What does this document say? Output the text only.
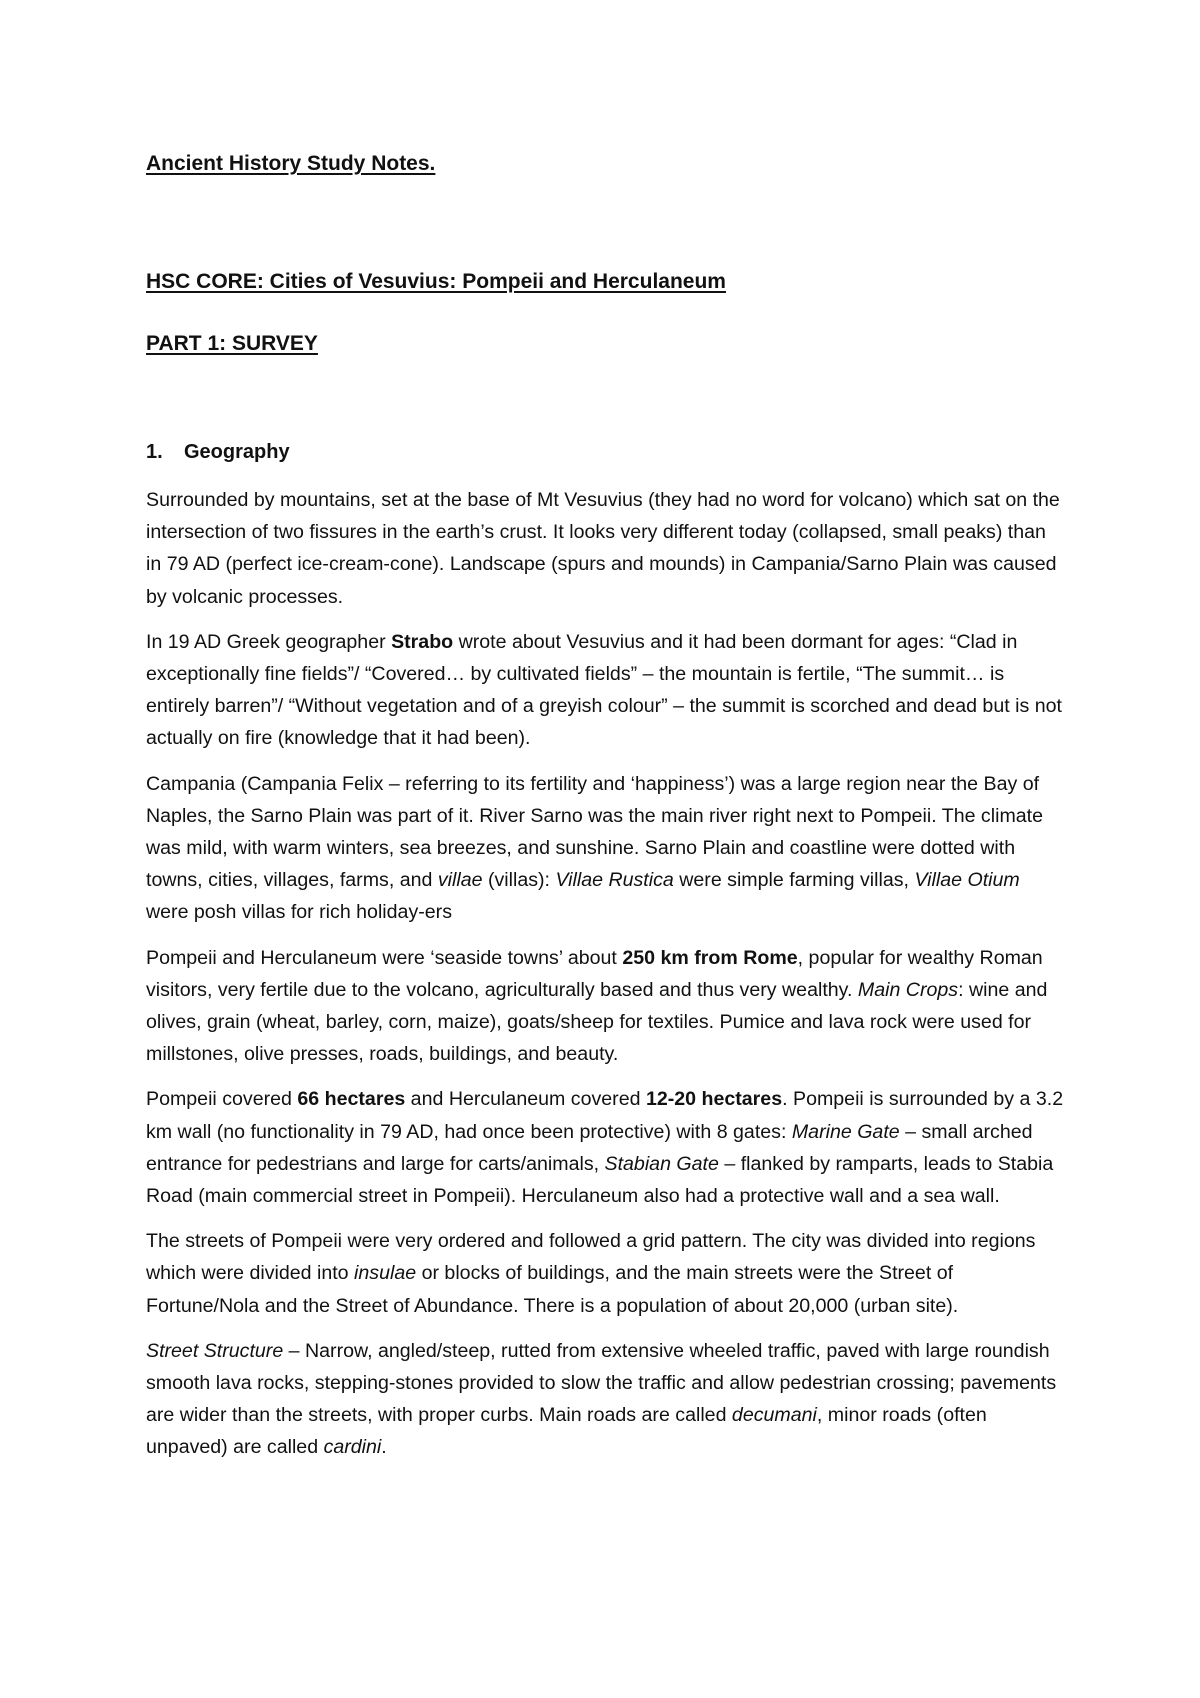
Ancient History Study Notes.
HSC CORE: Cities of Vesuvius: Pompeii and Herculaneum
PART 1: SURVEY
1. Geography

Surrounded by mountains, set at the base of Mt Vesuvius (they had no word for volcano) which sat on the intersection of two fissures in the earth’s crust. It looks very different today (collapsed, small peaks) than in 79 AD (perfect ice-cream-cone). Landscape (spurs and mounds) in Campania/Sarno Plain was caused by volcanic processes.

In 19 AD Greek geographer Strabo wrote about Vesuvius and it had been dormant for ages: “Clad in exceptionally fine fields”/ “Covered… by cultivated fields” – the mountain is fertile, “The summit… is entirely barren”/ “Without vegetation and of a greyish colour” – the summit is scorched and dead but is not actually on fire (knowledge that it had been).

Campania (Campania Felix – referring to its fertility and ‘happiness’) was a large region near the Bay of Naples, the Sarno Plain was part of it. River Sarno was the main river right next to Pompeii. The climate was mild, with warm winters, sea breezes, and sunshine. Sarno Plain and coastline were dotted with towns, cities, villages, farms, and villae (villas): Villae Rustica were simple farming villas, Villae Otium were posh villas for rich holiday-ers

Pompeii and Herculaneum were ‘seaside towns’ about 250 km from Rome, popular for wealthy Roman visitors, very fertile due to the volcano, agriculturally based and thus very wealthy. Main Crops: wine and olives, grain (wheat, barley, corn, maize), goats/sheep for textiles. Pumice and lava rock were used for millstones, olive presses, roads, buildings, and beauty.

Pompeii covered 66 hectares and Herculaneum covered 12-20 hectares. Pompeii is surrounded by a 3.2 km wall (no functionality in 79 AD, had once been protective) with 8 gates: Marine Gate – small arched entrance for pedestrians and large for carts/animals, Stabian Gate – flanked by ramparts, leads to Stabia Road (main commercial street in Pompeii). Herculaneum also had a protective wall and a sea wall.

The streets of Pompeii were very ordered and followed a grid pattern. The city was divided into regions which were divided into insulae or blocks of buildings, and the main streets were the Street of Fortune/Nola and the Street of Abundance. There is a population of about 20,000 (urban site).

Street Structure – Narrow, angled/steep, rutted from extensive wheeled traffic, paved with large roundish smooth lava rocks, stepping-stones provided to slow the traffic and allow pedestrian crossing; pavements are wider than the streets, with proper curbs. Main roads are called decumani, minor roads (often unpaved) are called cardini.
